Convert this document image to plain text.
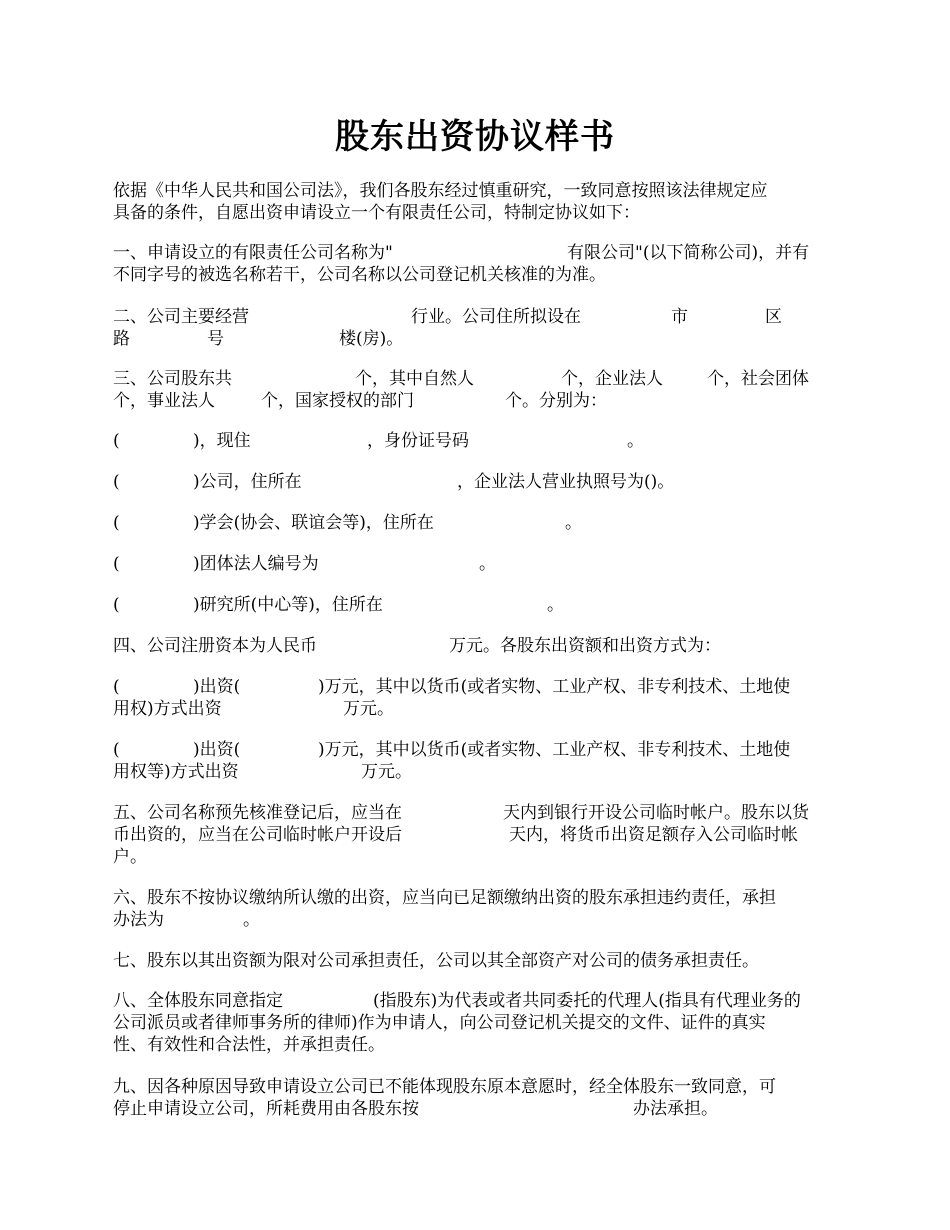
股东出资协议样书
依据《中华人民共和国公司法》，我们各股东经过慎重研究，一致同意按照该法律规定应
具备的条件，自愿出资申请设立一个有限责任公司，特制定协议如下：
一、申请设立的有限责任公司名称为"	有限公司"(以下简称公司)，并有
不同字号的被选名称若干，公司名称以公司登记机关核准的为准。
二、公司主要经营	行业。公司住所拟设在	市	区
路	号	楼(房)。
三、公司股东共	个，其中自然人	个，企业法人	个，社会团体
个，事业法人	个，国家授权的部门	个。分别为：
(	)，现住	，身份证号码	。
(	)公司，住所在	，企业法人营业执照号为()。
(	)学会(协会、联谊会等)，住所在	。
(	)团体法人编号为	。
(	)研究所(中心等)，住所在	。
四、公司注册资本为人民币	万元。各股东出资额和出资方式为：
(	)出资(	)万元，其中以货币(或者实物、工业产权、非专利技术、土地使
用权)方式出资	万元。
(	)出资(	)万元，其中以货币(或者实物、工业产权、非专利技术、土地使
用权等)方式出资	万元。
五、公司名称预先核准登记后，应当在	天内到银行开设公司临时帐户。股东以货
币出资的，应当在公司临时帐户开设后	天内，将货币出资足额存入公司临时帐
户。
六、股东不按协议缴纳所认缴的出资，应当向已足额缴纳出资的股东承担违约责任，承担
办法为	。
七、股东以其出资额为限对公司承担责任，公司以其全部资产对公司的债务承担责任。
八、全体股东同意指定	(指股东)为代表或者共同委托的代理人(指具有代理业务的
公司派员或者律师事务所的律师)作为申请人，向公司登记机关提交的文件、证件的真实
性、有效性和合法性，并承担责任。
九、因各种原因导致申请设立公司已不能体现股东原本意愿时，经全体股东一致同意，可
停止申请设立公司，所耗费用由各股东按	办法承担。
